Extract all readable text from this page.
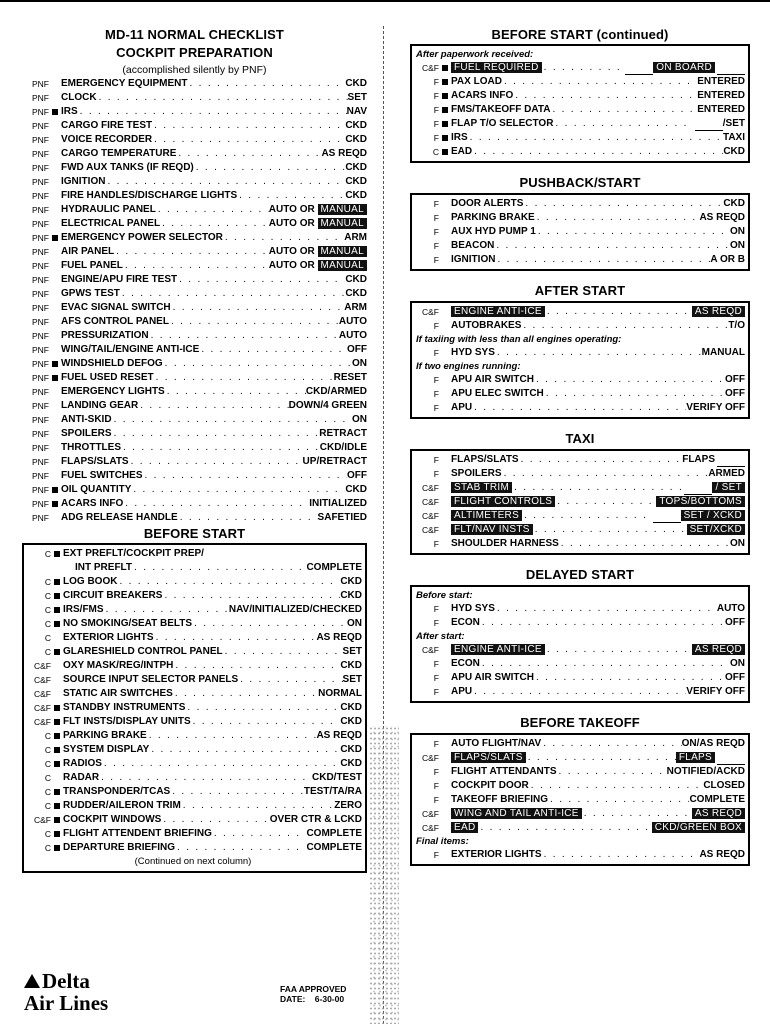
MD-11 NORMAL CHECKLIST
COCKPIT PREPARATION
(accomplished silently by PNF)
PNF	EMERGENCY EQUIPMENT . . .	CKD
PNF	CLOCK . . .	SET
PNF	IRS . . .	NAV
PNF	CARGO FIRE TEST . . .	CKD
PNF	VOICE RECORDER . . .	CKD
PNF	CARGO TEMPERATURE . . .	AS REQD
PNF	FWD AUX TANKS (IF REQD) . . .	CKD
PNF	IGNITION . . .	CKD
PNF	FIRE HANDLES/DISCHARGE LIGHTS . . .	CKD
PNF	HYDRAULIC PANEL . . .	AUTO OR MANUAL
PNF	ELECTRICAL PANEL . . .	AUTO OR MANUAL
PNF	EMERGENCY POWER SELECTOR . . .	ARM
PNF	AIR PANEL . . .	AUTO OR MANUAL
PNF	FUEL PANEL . . .	AUTO OR MANUAL
PNF	ENGINE/APU FIRE TEST . . .	CKD
PNF	GPWS TEST . . .	CKD
PNF	EVAC SIGNAL SWITCH . . .	ARM
PNF	AFS CONTROL PANEL . . .	AUTO
PNF	PRESSURIZATION . . .	AUTO
PNF	WING/TAIL/ENGINE ANTI-ICE . . .	OFF
PNF	WINDSHIELD DEFOG . . .	ON
PNF	FUEL USED RESET . . .	RESET
PNF	EMERGENCY LIGHTS . . .	CKD/ARMED
PNF	LANDING GEAR . . .	DOWN/4 GREEN
PNF	ANTI-SKID . . .	ON
PNF	SPOILERS . . .	RETRACT
PNF	THROTTLES . . .	CKD/IDLE
PNF	FLAPS/SLATS . . .	UP/RETRACT
PNF	FUEL SWITCHES . . .	OFF
PNF	OIL QUANTITY . . .	CKD
PNF	ACARS INFO . . .	INITIALIZED
PNF	ADG RELEASE HANDLE . . .	SAFETIED
BEFORE START
C	EXT PREFLT/COCKPIT PREP/
INT PREFLT . . .	COMPLETE
C	LOG BOOK . . .	CKD
C	CIRCUIT BREAKERS . . .	CKD
C	IRS/FMS . . .	NAV/INITIALIZED/CHECKED
C	NO SMOKING/SEAT BELTS . . .	ON
C	EXTERIOR LIGHTS . . .	AS REQD
C	GLARESHIELD CONTROL PANEL . . .	SET
C&F	OXY MASK/REG/INTPH . . .	CKD
C&F	SOURCE INPUT SELECTOR PANELS . . .	SET
C&F	STATIC AIR SWITCHES . . .	NORMAL
C&F	STANDBY INSTRUMENTS . . .	CKD
C&F	FLT INSTS/DISPLAY UNITS . . .	CKD
C	PARKING BRAKE . . .	AS REQD
C	SYSTEM DISPLAY . . .	CKD
C	RADIOS . . .	CKD
C	RADAR . . .	CKD/TEST
C	TRANSPONDER/TCAS . . .	TEST/TA/RA
C	RUDDER/AILERON TRIM . . .	ZERO
C&F	COCKPIT WINDOWS . . .	OVER CTR & LCKD
C	FLIGHT ATTENDENT BRIEFING . . .	COMPLETE
C	DEPARTURE BRIEFING . . .	COMPLETE
(Continued on next column)
BEFORE START (continued)
After paperwork received:
C&F	FUEL REQUIRED . . .	ON BOARD
F	PAX LOAD . . .	ENTERED
F	ACARS INFO . . .	ENTERED
F	FMS/TAKEOFF DATA . . .	ENTERED
F	FLAP T/O SELECTOR . . .	/SET
F	IRS . . .	TAXI
C	EAD . . .	CKD
PUSHBACK/START
F	DOOR ALERTS . . .	CKD
F	PARKING BRAKE . . .	AS REQD
F	AUX HYD PUMP 1 . . .	ON
F	BEACON . . .	ON
F	IGNITION . . .	A OR B
AFTER START
C&F	ENGINE ANTI-ICE . . .	AS REQD
F	AUTOBRAKES . . .	T/O
If taxiing with less than all engines operating:
F	HYD SYS . . .	MANUAL
If two engines running:
F	APU AIR SWITCH . . .	OFF
F	APU ELEC SWITCH . . .	OFF
F	APU . . .	VERIFY OFF
TAXI
F	FLAPS/SLATS . . .	FLAPS
F	SPOILERS . . .	ARMED
C&F	STAB TRIM . . .	/ SET
C&F	FLIGHT CONTROLS . . .	TOPS/BOTTOMS
C&F	ALTIMETERS . . .	SET / XCKD
C&F	FLT/NAV INSTS . . .	SET/XCKD
F	SHOULDER HARNESS . . .	ON
DELAYED START
Before start:
F	HYD SYS . . .	AUTO
F	ECON . . .	OFF
After start:
C&F	ENGINE ANTI-ICE . . .	AS REQD
F	ECON . . .	ON
F	APU AIR SWITCH . . .	OFF
F	APU . . .	VERIFY OFF
BEFORE TAKEOFF
F	AUTO FLIGHT/NAV . . .	ON/AS REQD
C&F	FLAPS/SLATS . . .	FLAPS
F	FLIGHT ATTENDANTS . . .	NOTIFIED/ACKD
F	COCKPIT DOOR . . .	CLOSED
F	TAKEOFF BRIEFING . . .	COMPLETE
C&F	WING AND TAIL ANTI-ICE . . .	AS REQD
C&F	EAD . . .	CKD/GREEN BOX
Final items:
F	EXTERIOR LIGHTS . . .	AS REQD
Delta
Air Lines
FAA APPROVED
DATE: 6-30-00
